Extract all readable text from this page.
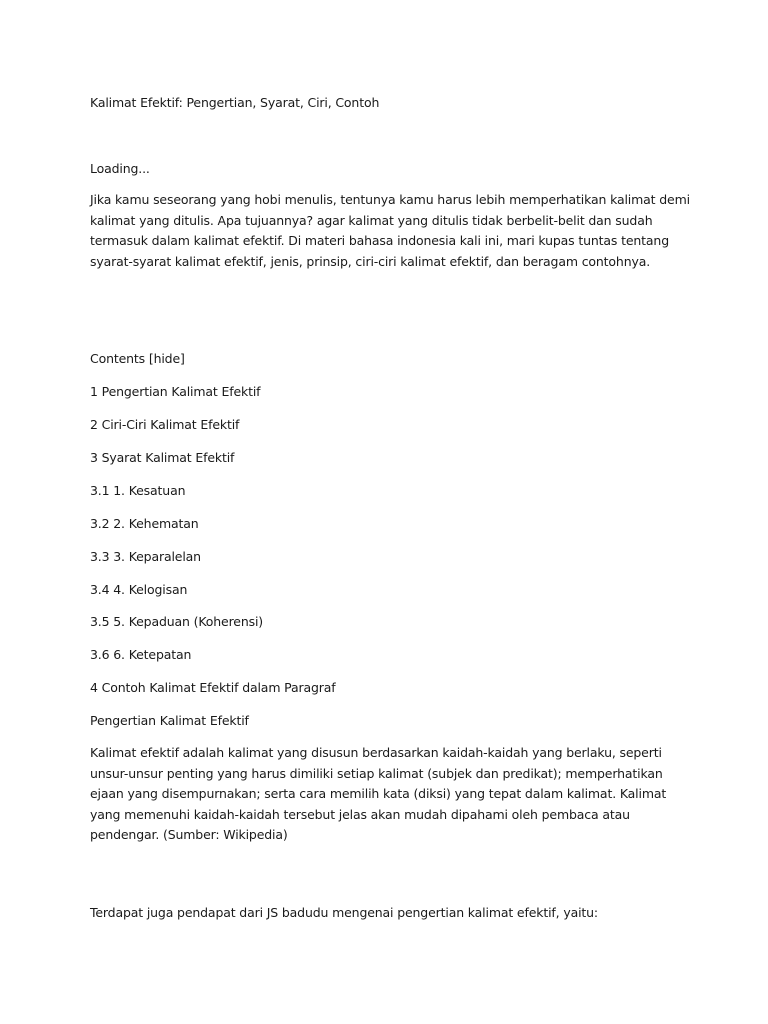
Kalimat Efektif: Pengertian, Syarat, Ciri, Contoh
Loading...
Jika kamu seseorang yang hobi menulis, tentunya kamu harus lebih memperhatikan kalimat demi kalimat yang ditulis. Apa tujuannya? agar kalimat yang ditulis tidak berbelit-belit dan sudah termasuk dalam kalimat efektif. Di materi bahasa indonesia kali ini, mari kupas tuntas tentang syarat-syarat kalimat efektif, jenis, prinsip, ciri-ciri kalimat efektif, dan beragam contohnya.
Contents [hide]
1 Pengertian Kalimat Efektif
2 Ciri-Ciri Kalimat Efektif
3 Syarat Kalimat Efektif
3.1 1. Kesatuan
3.2 2. Kehematan
3.3 3. Keparalelan
3.4 4. Kelogisan
3.5 5. Kepaduan (Koherensi)
3.6 6. Ketepatan
4 Contoh Kalimat Efektif dalam Paragraf
Pengertian Kalimat Efektif
Kalimat efektif adalah kalimat yang disusun berdasarkan kaidah-kaidah yang berlaku, seperti unsur-unsur penting yang harus dimiliki setiap kalimat (subjek dan predikat); memperhatikan ejaan yang disempurnakan; serta cara memilih kata (diksi) yang tepat dalam kalimat. Kalimat yang memenuhi kaidah-kaidah tersebut jelas akan mudah dipahami oleh pembaca atau pendengar. (Sumber: Wikipedia)
Terdapat juga pendapat dari JS badudu mengenai pengertian kalimat efektif, yaitu:
